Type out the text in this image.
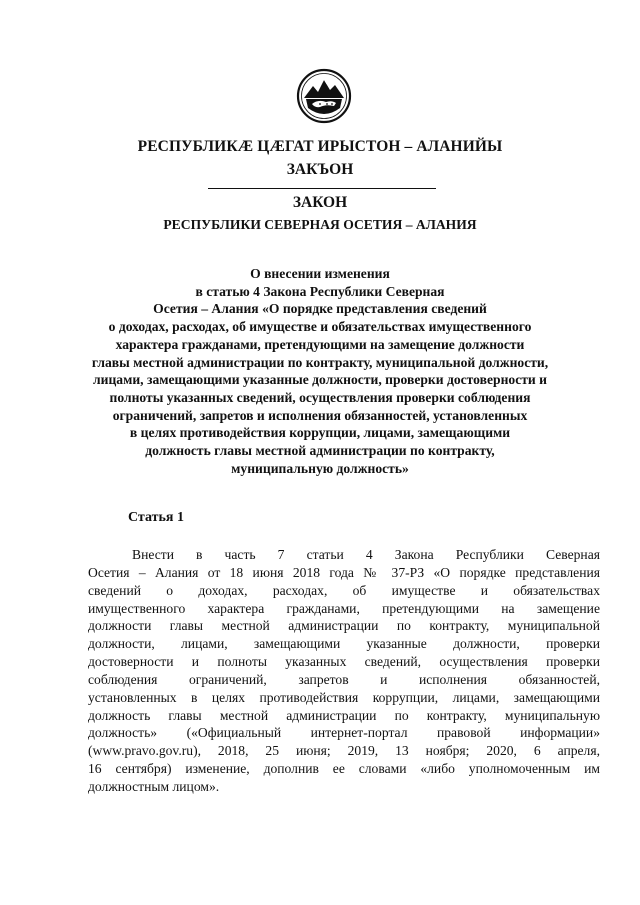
РЕСПУБЛИКӔ ЦӔГАТ ИРЫСТОН – АЛАНИЙЫ
ЗАКЪОН
ЗАКОН
РЕСПУБЛИКИ СЕВЕРНАЯ ОСЕТИЯ – АЛАНИЯ
О внесении изменения
в статью 4 Закона Республики Северная
Осетия – Алания «О порядке представления сведений
о доходах, расходах, об имуществе и обязательствах имущественного
характера гражданами, претендующими на замещение должности
главы местной администрации по контракту, муниципальной должности,
лицами, замещающими указанные должности, проверки достоверности и
полноты указанных сведений, осуществления проверки соблюдения
ограничений, запретов и исполнения обязанностей, установленных
в целях противодействия коррупции, лицами, замещающими
должность главы местной администрации по контракту,
муниципальную должность»
Статья 1
Внести в часть 7 статьи 4 Закона Республики Северная
Осетия – Алания от 18 июня 2018 года № 37-РЗ «О порядке представления
сведений о доходах, расходах, об имуществе и обязательствах
имущественного характера гражданами, претендующими на замещение
должности главы местной администрации по контракту, муниципальной
должности, лицами, замещающими указанные должности, проверки
достоверности и полноты указанных сведений, осуществления проверки
соблюдения ограничений, запретов и исполнения обязанностей,
установленных в целях противодействия коррупции, лицами, замещающими
должность главы местной администрации по контракту, муниципальную
должность» («Официальный интернет-портал правовой информации»
(www.pravo.gov.ru), 2018, 25 июня; 2019, 13 ноября; 2020, 6 апреля,
16 сентября) изменение, дополнив ее словами «либо уполномоченным им
должностным лицом».
